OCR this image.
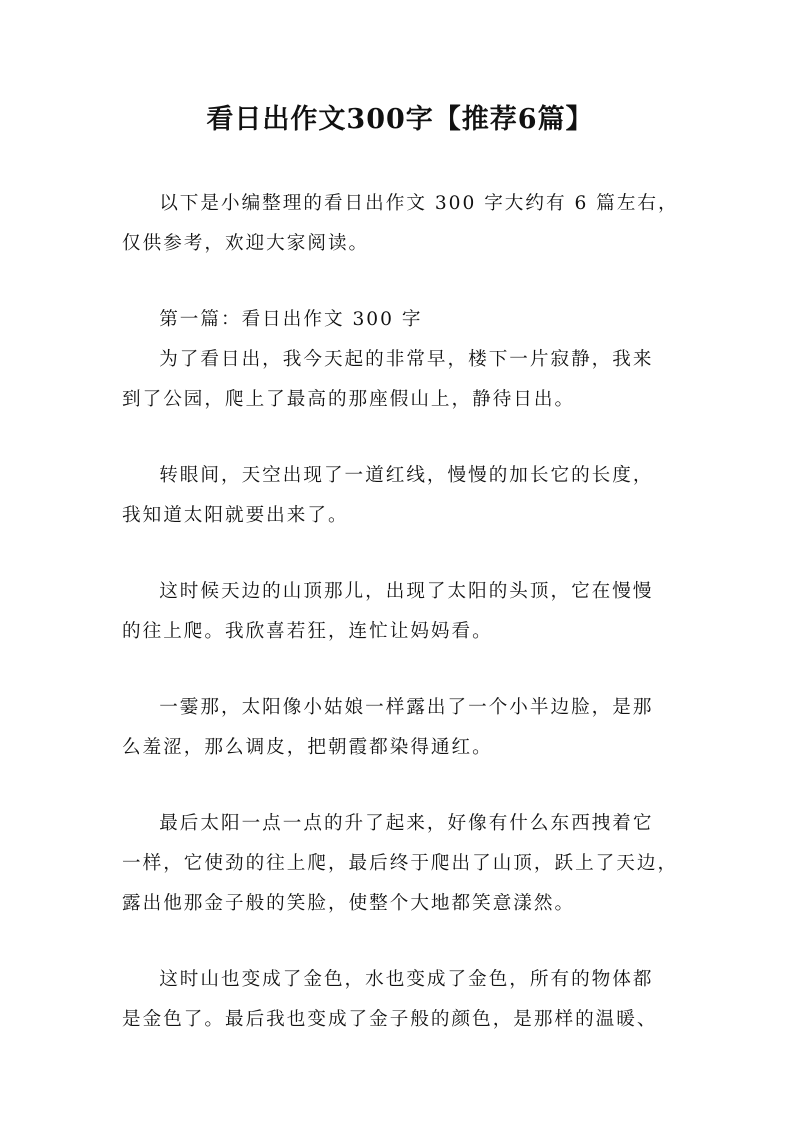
看日出作文300字【推荐6篇】
以下是小编整理的看日出作文 300 字大约有 6 篇左右，
仅供参考，欢迎大家阅读。
第一篇：看日出作文 300 字
为了看日出，我今天起的非常早，楼下一片寂静，我来
到了公园，爬上了最高的那座假山上，静待日出。
转眼间，天空出现了一道红线，慢慢的加长它的长度，
我知道太阳就要出来了。
这时候天边的山顶那儿，出现了太阳的头顶，它在慢慢
的往上爬。我欣喜若狂，连忙让妈妈看。
一霎那，太阳像小姑娘一样露出了一个小半边脸，是那
么羞涩，那么调皮，把朝霞都染得通红。
最后太阳一点一点的升了起来，好像有什么东西拽着它
一样，它使劲的往上爬，最后终于爬出了山顶，跃上了天边，
露出他那金子般的笑脸，使整个大地都笑意漾然。
这时山也变成了金色，水也变成了金色，所有的物体都
是金色了。最后我也变成了金子般的颜色，是那样的温暖、
